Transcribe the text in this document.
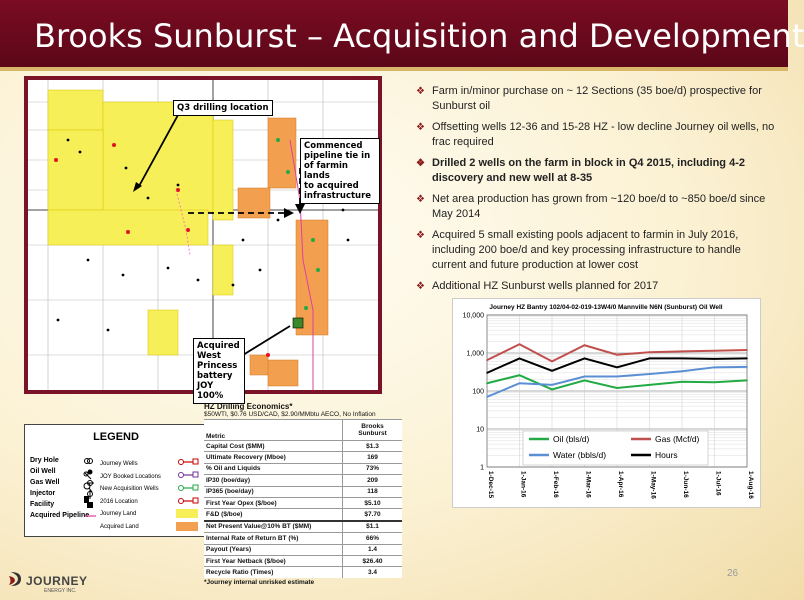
Brooks Sunburst – Acquisition and Development
Q3 drilling location
Commenced
pipeline tie in
of farmin lands
to acquired
infrastructure
Acquired
West
Princess
battery
JOY 100%
LEGEND
Dry Hole
Oil Well
Gas Well
Injector
Facility
Acquired Pipeline
Journey Wells
JOY Booked Locations
New Acquisition Wells
2016 Location
Journey Land
Acquired Land
❖ Farm in/minor purchase on ~ 12 Sections (35 boe/d) prospective for Sunburst oil
❖ Offsetting wells 12-36 and 15-28 HZ - low decline Journey oil wells, no frac required
❖ Drilled 2 wells on the farm in block in Q4 2015, including 4-2 discovery and new well at 8-35
❖ Net area production has grown from ~120 boe/d to ~850 boe/d since May 2014
❖ Acquired 5 small existing pools adjacent to farmin in July 2016, including 200 boe/d and key processing infrastructure to handle current and future production at lower cost
❖ Additional HZ Sunburst wells planned for 2017
HZ Drilling Economics*
$50WTI, $0.76 USD/CAD, $2.90/MMbtu AECO, No Inflation
Metric	Brooks
Sunburst
Capital Cost ($MM)	$1.3
Ultimate Recovery (Mboe)	169
% Oil and Liquids	73%
IP30 (boe/day)	209
IP365 (boe/day)	118
First Year Opex ($/boe)	$5.10
F&D ($/boe)	$7.70
Net Present Value@10% BT ($MM)	$1.1
Internal Rate of Return BT (%)	66%
Payout (Years)	1.4
First Year Netback ($/boe)	$26.40
Recycle Ratio (Times)	3.4
*Journey internal unrisked estimate
Journey HZ Bantry 102/04-02-019-13W4/0 Mannville N6N (Sunburst) Oil Well
1
10
100
1,000
10,000
1-Dec-15	1-Jan-16	1-Feb-16	1-Mar-16	1-Apr-16	1-May-16	1-Jun-16	1-Jul-16	1-Aug-16
Oil (bls/d)	Gas (Mcf/d)
Water (bbls/d)	Hours
26
JOURNEY
ENERGY INC.
